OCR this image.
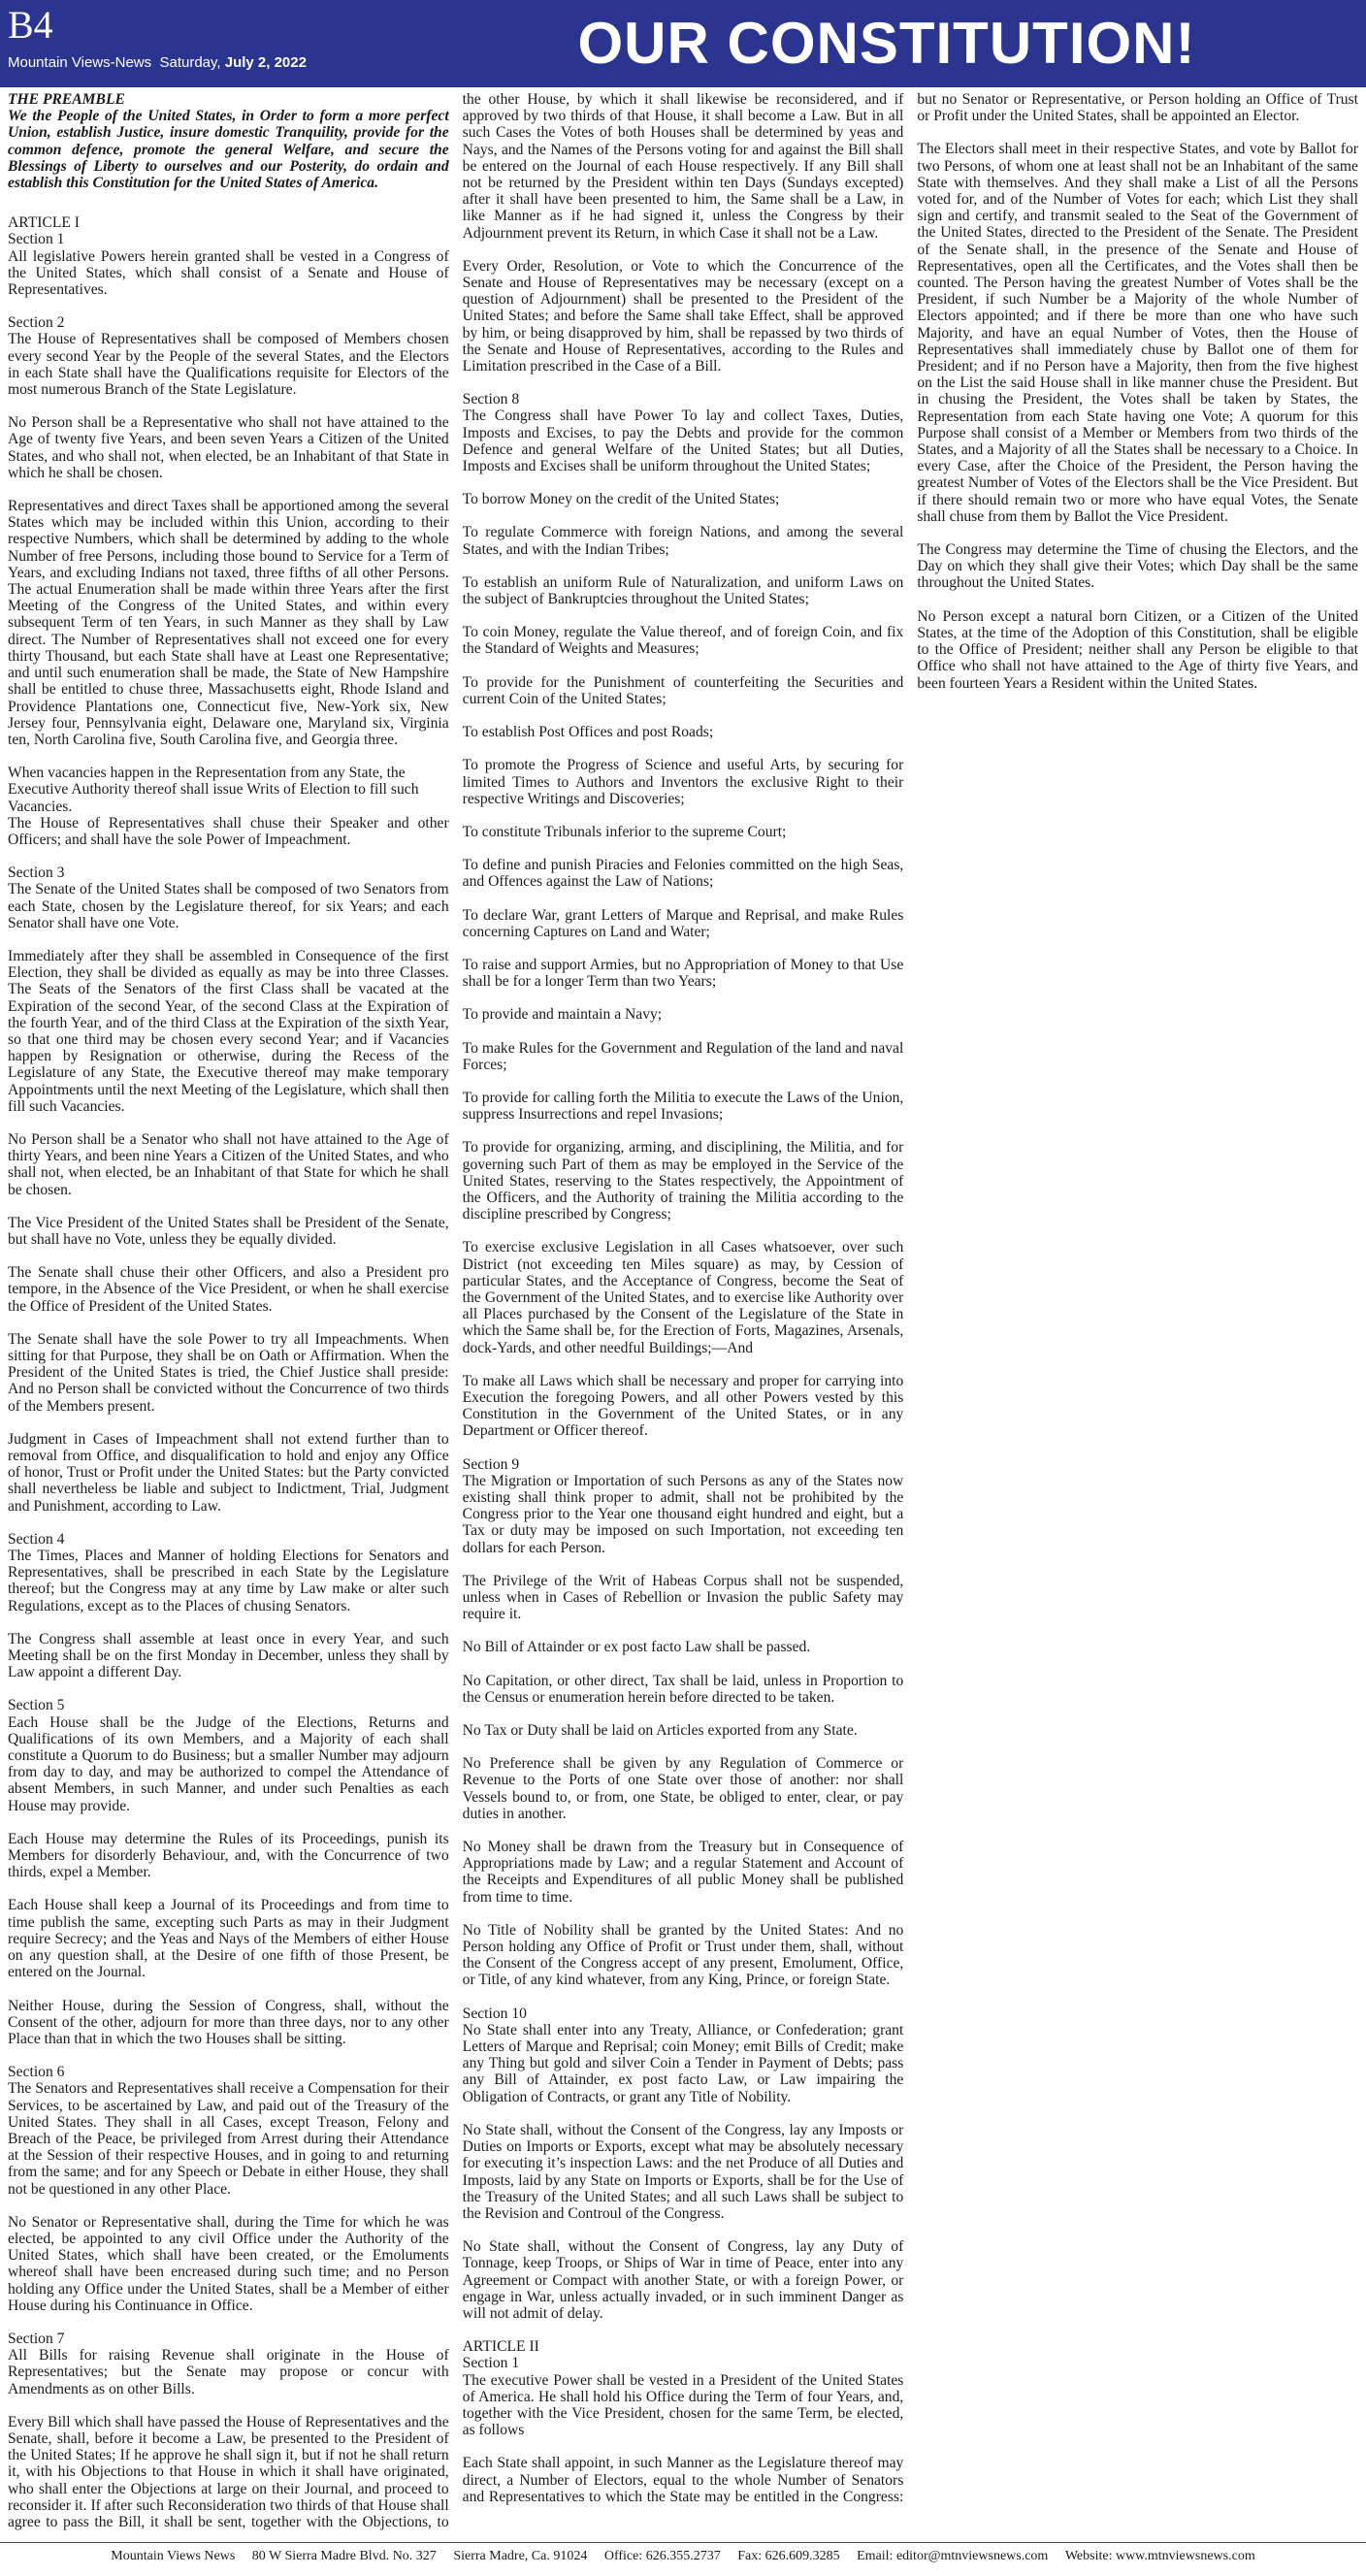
B4
Mountain Views-News Saturday, July 2, 2022	OUR CONSTITUTION!

THE PREAMBLE
We the People of the United States, in Order to form a more perfect Union, establish Justice, insure domestic Tranquility, provide for the common defence, promote the general Welfare, and secure the Blessings of Liberty to ourselves and our Posterity, do ordain and establish this Constitution for the United States of America.

ARTICLE I
Section 1
All legislative Powers herein granted shall be vested in a Congress of the United States, which shall consist of a Senate and House of Representatives.

Section 2
The House of Representatives shall be composed of Members chosen every second Year by the People of the several States, and the Electors in each State shall have the Qualifications requisite for Electors of the most numerous Branch of the State Legislature.

No Person shall be a Representative who shall not have attained to the Age of twenty five Years, and been seven Years a Citizen of the United States, and who shall not, when elected, be an Inhabitant of that State in which he shall be chosen.

Representatives and direct Taxes shall be apportioned among the several States which may be included within this Union, according to their respective Numbers, which shall be determined by adding to the whole Number of free Persons, including those bound to Service for a Term of Years, and excluding Indians not taxed, three fifths of all other Persons. The actual Enumeration shall be made within three Years after the first Meeting of the Congress of the United States, and within every subsequent Term of ten Years, in such Manner as they shall by Law direct. The Number of Representatives shall not exceed one for every thirty Thousand, but each State shall have at Least one Representative; and until such enumeration shall be made, the State of New Hampshire shall be entitled to chuse three, Massachusetts eight, Rhode Island and Providence Plantations one, Connecticut five, New-York six, New Jersey four, Pennsylvania eight, Delaware one, Maryland six, Virginia ten, North Carolina five, South Carolina five, and Georgia three.

When vacancies happen in the Representation from any State, the Executive Authority thereof shall issue Writs of Election to fill such Vacancies.
The House of Representatives shall chuse their Speaker and other Officers; and shall have the sole Power of Impeachment.

Section 3
The Senate of the United States shall be composed of two Senators from each State, chosen by the Legislature thereof, for six Years; and each Senator shall have one Vote.

Immediately after they shall be assembled in Consequence of the first Election, they shall be divided as equally as may be into three Classes. The Seats of the Senators of the first Class shall be vacated at the Expiration of the second Year, of the second Class at the Expiration of the fourth Year, and of the third Class at the Expiration of the sixth Year, so that one third may be chosen every second Year; and if Vacancies happen by Resignation or otherwise, during the Recess of the Legislature of any State, the Executive thereof may make temporary Appointments until the next Meeting of the Legislature, which shall then fill such Vacancies.

No Person shall be a Senator who shall not have attained to the Age of thirty Years, and been nine Years a Citizen of the United States, and who shall not, when elected, be an Inhabitant of that State for which he shall be chosen.

The Vice President of the United States shall be President of the Senate, but shall have no Vote, unless they be equally divided.

The Senate shall chuse their other Officers, and also a President pro tempore, in the Absence of the Vice President, or when he shall exercise the Office of President of the United States.

The Senate shall have the sole Power to try all Impeachments. When sitting for that Purpose, they shall be on Oath or Affirmation. When the President of the United States is tried, the Chief Justice shall preside: And no Person shall be convicted without the Concurrence of two thirds of the Members present.

Judgment in Cases of Impeachment shall not extend further than to removal from Office, and disqualification to hold and enjoy any Office of honor, Trust or Profit under the United States: but the Party convicted shall nevertheless be liable and subject to Indictment, Trial, Judgment and Punishment, according to Law.

Section 4
The Times, Places and Manner of holding Elections for Senators and Representatives, shall be prescribed in each State by the Legislature thereof; but the Congress may at any time by Law make or alter such Regulations, except as to the Places of chusing Senators.

The Congress shall assemble at least once in every Year, and such Meeting shall be on the first Monday in December, unless they shall by Law appoint a different Day.

Section 5
Each House shall be the Judge of the Elections, Returns and Qualifications of its own Members, and a Majority of each shall constitute a Quorum to do Business; but a smaller Number may adjourn from day to day, and may be authorized to compel the Attendance of absent Members, in such Manner, and under such Penalties as each House may provide.

Each House may determine the Rules of its Proceedings, punish its Members for disorderly Behaviour, and, with the Concurrence of two thirds, expel a Member.

Each House shall keep a Journal of its Proceedings and from time to time publish the same, excepting such Parts as may in their Judgment require Secrecy; and the Yeas and Nays of the Members of either House on any question shall, at the Desire of one fifth of those Present, be entered on the Journal.

Neither House, during the Session of Congress, shall, without the Consent of the other, adjourn for more than three days, nor to any other Place than that in which the two Houses shall be sitting.

Section 6
The Senators and Representatives shall receive a Compensation for their Services, to be ascertained by Law, and paid out of the Treasury of the United States. They shall in all Cases, except Treason, Felony and Breach of the Peace, be privileged from Arrest during their Attendance at the Session of their respective Houses, and in going to and returning from the same; and for any Speech or Debate in either House, they shall not be questioned in any other Place.

No Senator or Representative shall, during the Time for which he was elected, be appointed to any civil Office under the Authority of the United States, which shall have been created, or the Emoluments whereof shall have been encreased during such time; and no Person holding any Office under the United States, shall be a Member of either House during his Continuance in Office.

Section 7
All Bills for raising Revenue shall originate in the House of Representatives; but the Senate may propose or concur with Amendments as on other Bills.

Every Bill which shall have passed the House of Representatives and the Senate, shall, before it become a Law, be presented to the President of the United States; If he approve he shall sign it, but if not he shall return it, with his Objections to that House in which it shall have originated, who shall enter the Objections at large on their Journal, and proceed to reconsider it. If after such Reconsideration two thirds of that House shall agree to pass the Bill, it shall be sent, together with the Objections, to the other House, by which it shall likewise be reconsidered, and if approved by two thirds of that House, it shall become a Law. But in all such Cases the Votes of both Houses shall be determined by yeas and Nays, and the Names of the Persons voting for and against the Bill shall be entered on the Journal of each House respectively. If any Bill shall not be returned by the President within ten Days (Sundays excepted) after it shall have been presented to him, the Same shall be a Law, in like Manner as if he had signed it, unless the Congress by their Adjournment prevent its Return, in which Case it shall not be a Law.

Every Order, Resolution, or Vote to which the Concurrence of the Senate and House of Representatives may be necessary (except on a question of Adjournment) shall be presented to the President of the United States; and before the Same shall take Effect, shall be approved by him, or being disapproved by him, shall be repassed by two thirds of the Senate and House of Representatives, according to the Rules and Limitation prescribed in the Case of a Bill.

Section 8
The Congress shall have Power To lay and collect Taxes, Duties, Imposts and Excises, to pay the Debts and provide for the common Defence and general Welfare of the United States; but all Duties, Imposts and Excises shall be uniform throughout the United States;

To borrow Money on the credit of the United States;

To regulate Commerce with foreign Nations, and among the several States, and with the Indian Tribes;

To establish an uniform Rule of Naturalization, and uniform Laws on the subject of Bankruptcies throughout the United States;

To coin Money, regulate the Value thereof, and of foreign Coin, and fix the Standard of Weights and Measures;

To provide for the Punishment of counterfeiting the Securities and current Coin of the United States;

To establish Post Offices and post Roads;

To promote the Progress of Science and useful Arts, by securing for limited Times to Authors and Inventors the exclusive Right to their respective Writings and Discoveries;

To constitute Tribunals inferior to the supreme Court;

To define and punish Piracies and Felonies committed on the high Seas, and Offences against the Law of Nations;

To declare War, grant Letters of Marque and Reprisal, and make Rules concerning Captures on Land and Water;

To raise and support Armies, but no Appropriation of Money to that Use shall be for a longer Term than two Years;

To provide and maintain a Navy;

To make Rules for the Government and Regulation of the land and naval Forces;

To provide for calling forth the Militia to execute the Laws of the Union, suppress Insurrections and repel Invasions;

To provide for organizing, arming, and disciplining, the Militia, and for governing such Part of them as may be employed in the Service of the United States, reserving to the States respectively, the Appointment of the Officers, and the Authority of training the Militia according to the discipline prescribed by Congress;

To exercise exclusive Legislation in all Cases whatsoever, over such District (not exceeding ten Miles square) as may, by Cession of particular States, and the Acceptance of Congress, become the Seat of the Government of the United States, and to exercise like Authority over all Places purchased by the Consent of the Legislature of the State in which the Same shall be, for the Erection of Forts, Magazines, Arsenals, dock-Yards, and other needful Buildings;—And

To make all Laws which shall be necessary and proper for carrying into Execution the foregoing Powers, and all other Powers vested by this Constitution in the Government of the United States, or in any Department or Officer thereof.

Section 9
The Migration or Importation of such Persons as any of the States now existing shall think proper to admit, shall not be prohibited by the Congress prior to the Year one thousand eight hundred and eight, but a Tax or duty may be imposed on such Importation, not exceeding ten dollars for each Person.

The Privilege of the Writ of Habeas Corpus shall not be suspended, unless when in Cases of Rebellion or Invasion the public Safety may require it.

No Bill of Attainder or ex post facto Law shall be passed.

No Capitation, or other direct, Tax shall be laid, unless in Proportion to the Census or enumeration herein before directed to be taken.

No Tax or Duty shall be laid on Articles exported from any State.

No Preference shall be given by any Regulation of Commerce or Revenue to the Ports of one State over those of another: nor shall Vessels bound to, or from, one State, be obliged to enter, clear, or pay duties in another.

No Money shall be drawn from the Treasury but in Consequence of Appropriations made by Law; and a regular Statement and Account of the Receipts and Expenditures of all public Money shall be published from time to time.

No Title of Nobility shall be granted by the United States: And no Person holding any Office of Profit or Trust under them, shall, without the Consent of the Congress accept of any present, Emolument, Office, or Title, of any kind whatever, from any King, Prince, or foreign State.

Section 10
No State shall enter into any Treaty, Alliance, or Confederation; grant Letters of Marque and Reprisal; coin Money; emit Bills of Credit; make any Thing but gold and silver Coin a Tender in Payment of Debts; pass any Bill of Attainder, ex post facto Law, or Law impairing the Obligation of Contracts, or grant any Title of Nobility.

No State shall, without the Consent of the Congress, lay any Imposts or Duties on Imports or Exports, except what may be absolutely necessary for executing it’s inspection Laws: and the net Produce of all Duties and Imposts, laid by any State on Imports or Exports, shall be for the Use of the Treasury of the United States; and all such Laws shall be subject to the Revision and Controul of the Congress.

No State shall, without the Consent of Congress, lay any Duty of Tonnage, keep Troops, or Ships of War in time of Peace, enter into any Agreement or Compact with another State, or with a foreign Power, or engage in War, unless actually invaded, or in such imminent Danger as will not admit of delay.

ARTICLE II
Section 1
The executive Power shall be vested in a President of the United States of America. He shall hold his Office during the Term of four Years, and, together with the Vice President, chosen for the same Term, be elected, as follows

Each State shall appoint, in such Manner as the Legislature thereof may direct, a Number of Electors, equal to the whole Number of Senators and Representatives to which the State may be entitled in the Congress: but no Senator or Representative, or Person holding an Office of Trust or Profit under the United States, shall be appointed an Elector.

The Electors shall meet in their respective States, and vote by Ballot for two Persons, of whom one at least shall not be an Inhabitant of the same State with themselves. And they shall make a List of all the Persons voted for, and of the Number of Votes for each; which List they shall sign and certify, and transmit sealed to the Seat of the Government of the United States, directed to the President of the Senate. The President of the Senate shall, in the presence of the Senate and House of Representatives, open all the Certificates, and the Votes shall then be counted. The Person having the greatest Number of Votes shall be the President, if such Number be a Majority of the whole Number of Electors appointed; and if there be more than one who have such Majority, and have an equal Number of Votes, then the House of Representatives shall immediately chuse by Ballot one of them for President; and if no Person have a Majority, then from the five highest on the List the said House shall in like manner chuse the President. But in chusing the President, the Votes shall be taken by States, the Representation from each State having one Vote; A quorum for this Purpose shall consist of a Member or Members from two thirds of the States, and a Majority of all the States shall be necessary to a Choice. In every Case, after the Choice of the President, the Person having the greatest Number of Votes of the Electors shall be the Vice President. But if there should remain two or more who have equal Votes, the Senate shall chuse from them by Ballot the Vice President.

The Congress may determine the Time of chusing the Electors, and the Day on which they shall give their Votes; which Day shall be the same throughout the United States.

No Person except a natural born Citizen, or a Citizen of the United States, at the time of the Adoption of this Constitution, shall be eligible to the Office of President; neither shall any Person be eligible to that Office who shall not have attained to the Age of thirty five Years, and been fourteen Years a Resident within the United States.

Mountain Views News 80 W Sierra Madre Blvd. No. 327 Sierra Madre, Ca. 91024 Office: 626.355.2737 Fax: 626.609.3285 Email: editor@mtnviewsnews.com Website: www.mtnviewsnews.com
